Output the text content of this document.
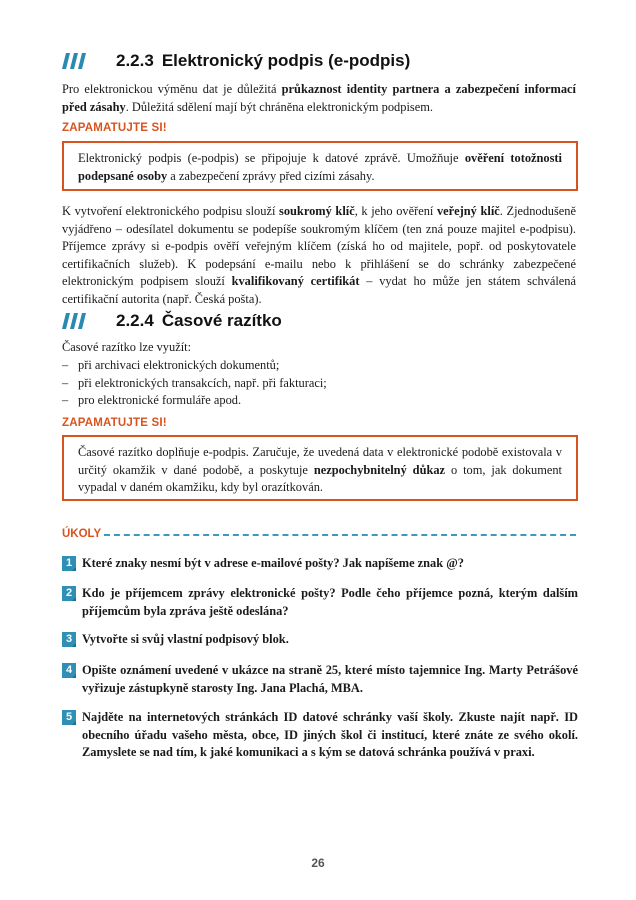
2.2.3 Elektronický podpis (e-podpis)
Pro elektronickou výměnu dat je důležitá průkaznost identity partnera a zabezpečení informací před zásahy. Důležitá sdělení mají být chráněna elektronickým podpisem.
ZAPAMATUJTE SI!
Elektronický podpis (e-podpis) se připojuje k datové zprávě. Umožňuje ověření totožnosti podepsané osoby a zabezpečení zprávy před cizími zásahy.
K vytvoření elektronického podpisu slouží soukromý klíč, k jeho ověření veřejný klíč. Zjednodušeně vyjádřeno – odesílatel dokumentu se podepíše soukromým klíčem (ten zná pouze majitel e-podpisu). Příjemce zprávy si e-podpis ověří veřejným klíčem (získá ho od majitele, popř. od poskytovatele certifikačních služeb). K podepsání e-mailu nebo k přihlášení se do schránky zabezpečené elektronickým podpisem slouží kvalifikovaný certifikát – vydat ho může jen státem schválená certifikační autorita (např. Česká pošta).
2.2.4 Časové razítko
Časové razítko lze využít:
– při archivaci elektronických dokumentů;
– při elektronických transakcích, např. při fakturaci;
– pro elektronické formuláře apod.
ZAPAMATUJTE SI!
Časové razítko doplňuje e-podpis. Zaručuje, že uvedená data v elektronické podobě existovala v určitý okamžik v dané podobě, a poskytuje nezpochybnitelný důkaz o tom, jak dokument vypadal v daném okamžiku, kdy byl orazítkován.
ÚKOLY
1 Které znaky nesmí být v adrese e-mailové pošty? Jak napíšeme znak @?
2 Kdo je příjemcem zprávy elektronické pošty? Podle čeho příjemce pozná, kterým dalším příjemcům byla zpráva ještě odeslána?
3 Vytvořte si svůj vlastní podpisový blok.
4 Opište oznámení uvedené v ukázce na straně 25, které místo tajemnice Ing. Marty Petrášové vyřizuje zástupkyně starosty Ing. Jana Plachá, MBA.
5 Najděte na internetových stránkách ID datové schránky vaší školy. Zkuste najít např. ID obecního úřadu vašeho města, obce, ID jiných škol či institucí, které znáte ze svého okolí. Zamyslete se nad tím, k jaké komunikaci a s kým se datová schránka používá v praxi.
26
